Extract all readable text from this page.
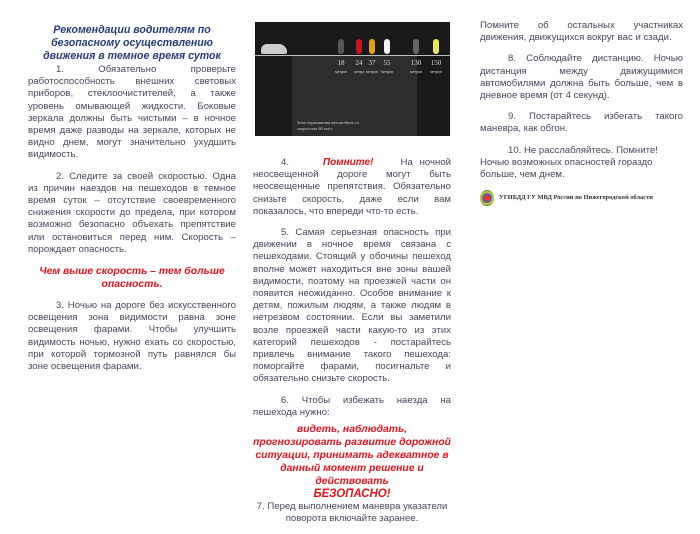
Рекомендации водителям по безопасному осуществлению движения в темное время суток

1. Обязательно проверьте работоспособность внешних световых приборов, стеклоочистителей, а также уровень омывающей жидкости. Боковые зеркала должны быть чистыми – в ночное время даже разводы на зеркале, которых не видно днем, могут значительно ухудшить видимость.

2. Следите за своей скоростью. Одна из причин наездов на пешеходов в темное время суток – отсутствие своевременного снижения скорости до предела, при котором возможно безопасно объехать препятствие или остановиться перед ним. Скорость – порождает опасность.

Чем выше скорость – тем больше опасность.

3. Ночью на дороге без искусственного освещения зона видимости равна зоне освещения фарами. Чтобы улучшить видимость ночью, нужно ехать со скоростью, при которой тормозной путь равнялся бы зоне освещения фарами.

18
метров
24
метра
37
метров
55
метров
130
метров
150
метров
Зона торможения автомобиля со скоростью 60 км/ч

4.	Помните!	На ночной неосвещенной дороге могут быть неосвещенные препятствия. Обязательно снизьте скорость, даже если вам показалось, что впереди что-то есть.

5. Самая серьезная опасность при движении в ночное время связана с пешеходами. Стоящий у обочины пешеход вполне может находиться вне зоны вашей видимости, поэтому на проезжей части он появится неожиданно. Особое внимание к детям, пожилым людям, а также людям в нетрезвом состоянии. Если вы заметили возле проезжей части какую-то из этих категорий пешеходов - постарайтесь привлечь внимание такого пешехода: поморгайте фарами, посигнальте и обязательно снизьте скорость.

6. Чтобы избежать наезда на пешехода нужно:

видеть, наблюдать, прогнозировать развитие дорожной ситуации, принимать адекватное в данный момент решение и действовать

БЕЗОПАСНО!

7. Перед выполнением маневра указатели поворота включайте заранее.

Помните об остальных участниках движения, движущихся вокруг вас и сзади.

8. Соблюдайте дистанцию. Ночью дистанция между движущимися автомобилями должна быть больше, чем в дневное время (от 4 секунд).

9. Постарайтесь избегать такого маневра, как обгон.

10. Не расслабляйтесь. Помните! Ночью возможных опасностей гораздо больше, чем днем.

УГИБДД ГУ МВД России по Нижегородской области
